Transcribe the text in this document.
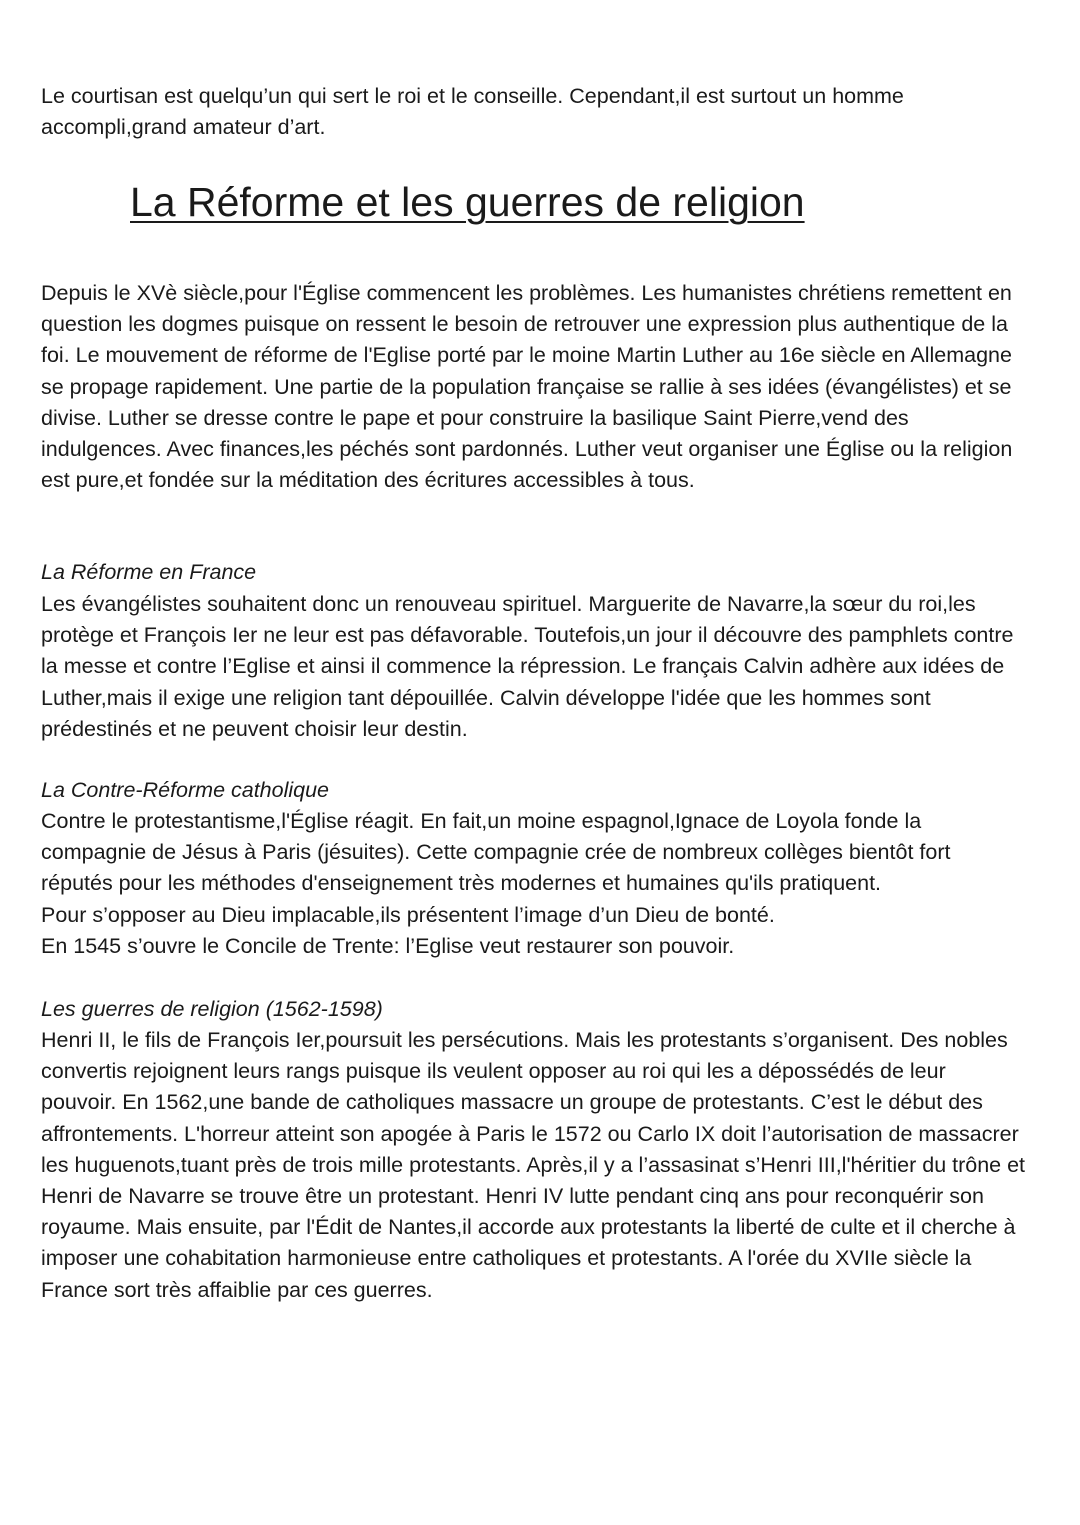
Le courtisan est quelqu’un qui sert le roi et le conseille. Cependant,il est surtout un homme accompli,grand amateur d’art.

La Réforme et les guerres de religion

Depuis le XVè siècle,pour l'Église commencent les problèmes. Les humanistes chrétiens remettent en question les dogmes puisque on ressent le besoin de retrouver une expression plus authentique de la foi. Le mouvement de réforme de l'Eglise porté par le moine Martin Luther au 16e siècle en Allemagne se propage rapidement. Une partie de la population française se rallie à ses idées (évangélistes) et se divise. Luther se dresse contre le pape et pour construire la basilique Saint Pierre,vend des indulgences. Avec finances,les péchés sont pardonnés. Luther veut organiser une Église ou la religion est pure,et fondée sur la méditation des écritures accessibles à tous.

La Réforme en France

Les évangélistes souhaitent donc un renouveau spirituel. Marguerite de Navarre,la sœur du roi,les protège et François Ier ne leur est pas défavorable. Toutefois,un jour il découvre des pamphlets contre la messe et contre l’Eglise et ainsi il commence la répression. Le français Calvin adhère aux idées de Luther,mais il exige une religion tant dépouillée. Calvin développe l'idée que les hommes sont prédestinés et ne peuvent choisir leur destin.

La Contre-Réforme catholique

Contre le protestantisme,l'Église réagit. En fait,un moine espagnol,Ignace de Loyola fonde la compagnie de Jésus à Paris (jésuites). Cette compagnie crée de nombreux collèges bientôt fort réputés pour les méthodes d'enseignement très modernes et humaines qu'ils pratiquent.

Pour s’opposer au Dieu implacable,ils présentent l’image d’un Dieu de bonté.

En 1545 s’ouvre le Concile de Trente: l’Eglise veut restaurer son pouvoir.

Les guerres de religion (1562-1598)

Henri II, le fils de François Ier,poursuit les persécutions. Mais les protestants s’organisent. Des nobles convertis rejoignent leurs rangs puisque ils veulent opposer au roi qui les a dépossédés de leur pouvoir. En 1562,une bande de catholiques massacre un groupe de protestants. C’est le début des affrontements. L'horreur atteint son apogée à Paris le 1572 ou Carlo IX doit l’autorisation de massacrer les huguenots,tuant près de trois mille protestants. Après,il y a l’assasinat s’Henri III,l'héritier du trône et Henri de Navarre se trouve être un protestant. Henri IV lutte pendant cinq ans pour reconquérir son royaume. Mais ensuite, par l'Édit de Nantes,il accorde aux protestants la liberté de culte et il cherche à imposer une cohabitation harmonieuse entre catholiques et protestants. A l'orée du XVIIe siècle la France sort très affaiblie par ces guerres.
